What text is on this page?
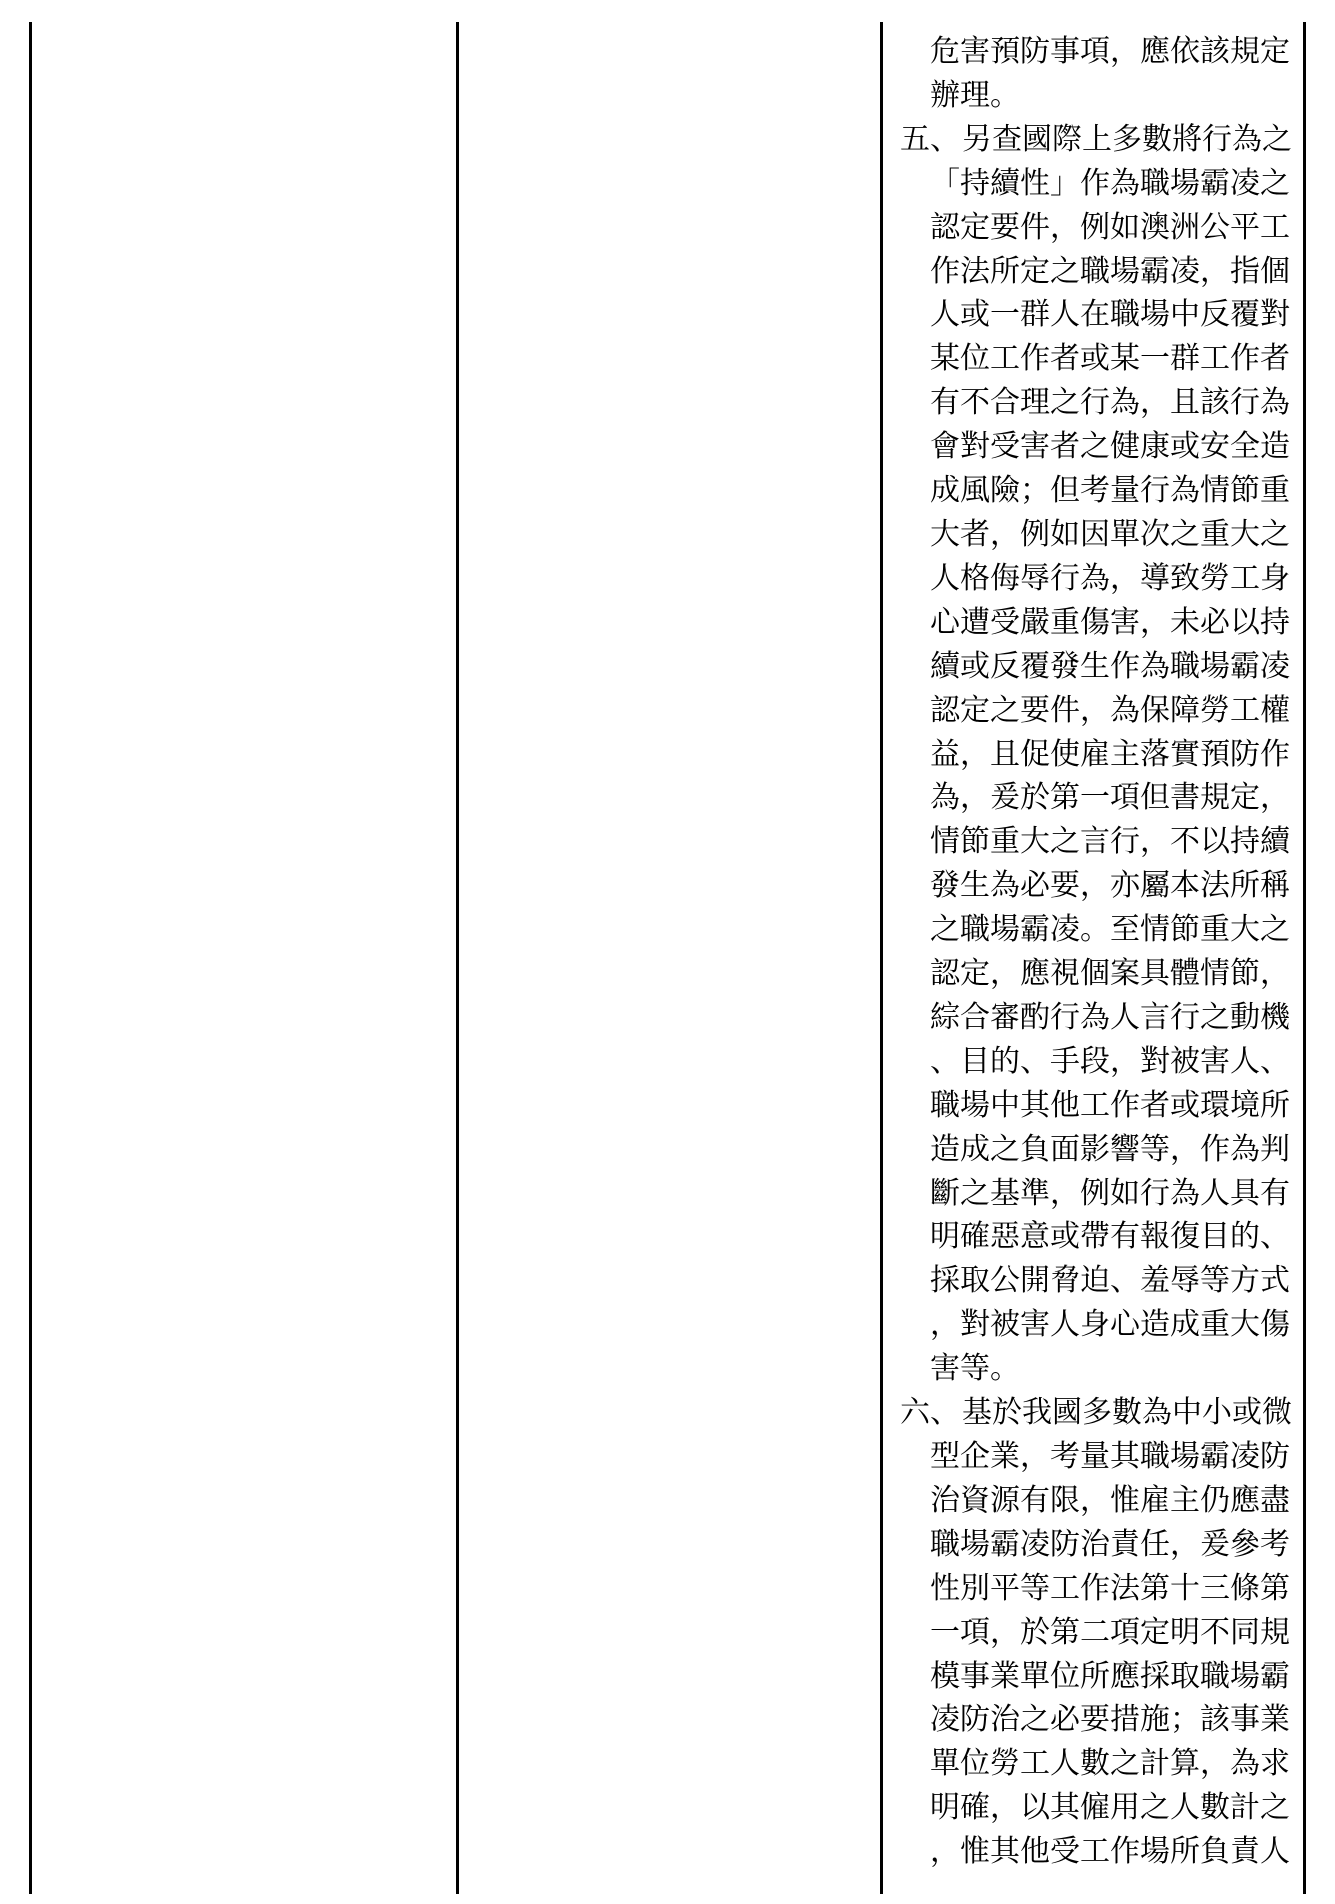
危害預防事項，應依該規定
辦理。
五、 另查國際上多數將行為之
「持續性」作為職場霸凌之
認定要件，例如澳洲公平工
作法所定之職場霸凌，指個
人或一群人在職場中反覆對
某位工作者或某一群工作者
有不合理之行為，且該行為
會對受害者之健康或安全造
成風險；但考量行為情節重
大者，例如因單次之重大之
人格侮辱行為，導致勞工身
心遭受嚴重傷害，未必以持
續或反覆發生作為職場霸凌
認定之要件，為保障勞工權
益，且促使雇主落實預防作
為，爰於第一項但書規定，
情節重大之言行，不以持續
發生為必要，亦屬本法所稱
之職場霸凌。至情節重大之
認定，應視個案具體情節，
綜合審酌行為人言行之動機
、目的、手段，對被害人、
職場中其他工作者或環境所
造成之負面影響等，作為判
斷之基準，例如行為人具有
明確惡意或帶有報復目的、
採取公開脅迫、羞辱等方式
，對被害人身心造成重大傷
害等。
六、 基於我國多數為中小或微
型企業，考量其職場霸凌防
治資源有限，惟雇主仍應盡
職場霸凌防治責任，爰參考
性別平等工作法第十三條第
一項，於第二項定明不同規
模事業單位所應採取職場霸
凌防治之必要措施；該事業
單位勞工人數之計算，為求
明確，以其僱用之人數計之
，惟其他受工作場所負責人
